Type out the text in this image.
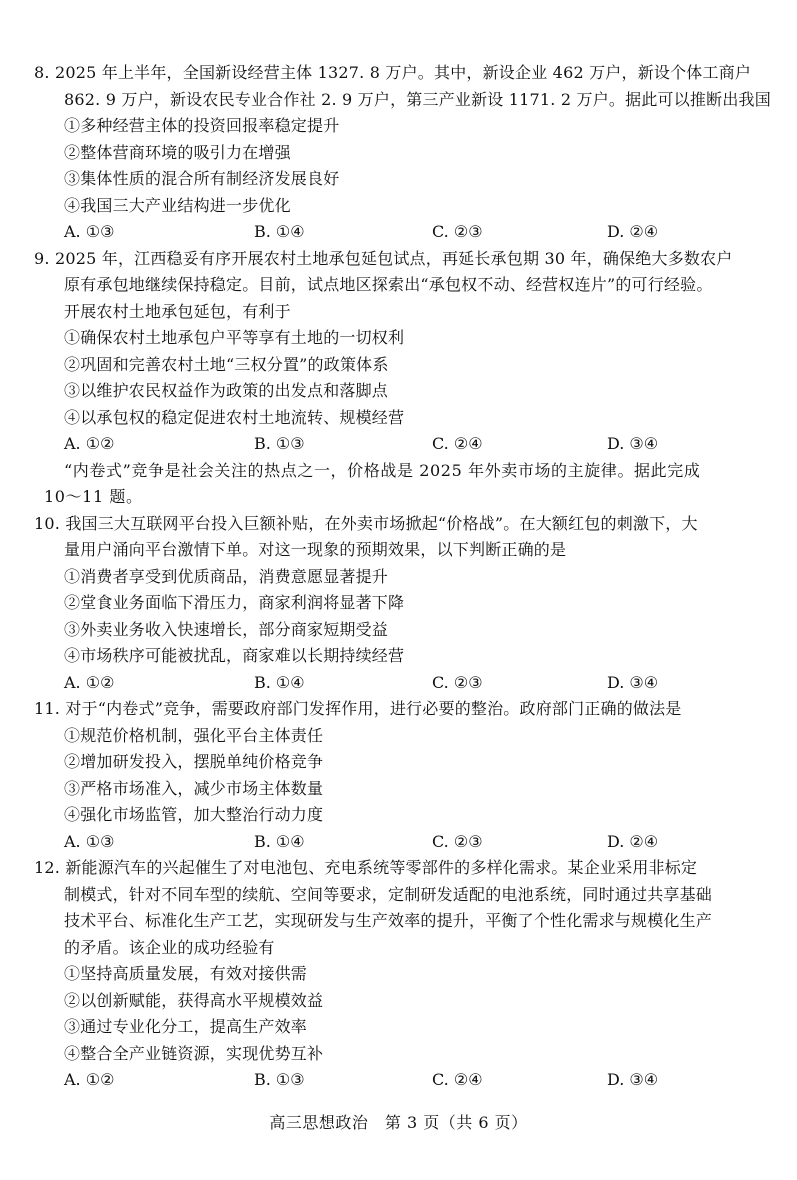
8. 2025 年上半年，全国新设经营主体 1327. 8 万户。其中，新设企业 462 万户，新设个体工商户
862. 9 万户，新设农民专业合作社 2. 9 万户，第三产业新设 1171. 2 万户。据此可以推断出我国
①多种经营主体的投资回报率稳定提升
②整体营商环境的吸引力在增强
③集体性质的混合所有制经济发展良好
④我国三大产业结构进一步优化
A. ①③	B. ①④	C. ②③	D. ②④
9. 2025 年，江西稳妥有序开展农村土地承包延包试点，再延长承包期 30 年，确保绝大多数农户
原有承包地继续保持稳定。目前，试点地区探索出“承包权不动、经营权连片”的可行经验。
开展农村土地承包延包，有利于
①确保农村土地承包户平等享有土地的一切权利
②巩固和完善农村土地“三权分置”的政策体系
③以维护农民权益作为政策的出发点和落脚点
④以承包权的稳定促进农村土地流转、规模经营
A. ①②	B. ①③	C. ②④	D. ③④
“内卷式”竞争是社会关注的热点之一，价格战是 2025 年外卖市场的主旋律。据此完成
10～11 题。
10. 我国三大互联网平台投入巨额补贴，在外卖市场掀起“价格战”。在大额红包的刺激下，大
量用户涌向平台激情下单。对这一现象的预期效果，以下判断正确的是
①消费者享受到优质商品，消费意愿显著提升
②堂食业务面临下滑压力，商家利润将显著下降
③外卖业务收入快速增长，部分商家短期受益
④市场秩序可能被扰乱，商家难以长期持续经营
A. ①②	B. ①④	C. ②③	D. ③④
11. 对于“内卷式”竞争，需要政府部门发挥作用，进行必要的整治。政府部门正确的做法是
①规范价格机制，强化平台主体责任
②增加研发投入，摆脱单纯价格竞争
③严格市场准入，减少市场主体数量
④强化市场监管，加大整治行动力度
A. ①③	B. ①④	C. ②③	D. ②④
12. 新能源汽车的兴起催生了对电池包、充电系统等零部件的多样化需求。某企业采用非标定
制模式，针对不同车型的续航、空间等要求，定制研发适配的电池系统，同时通过共享基础
技术平台、标准化生产工艺，实现研发与生产效率的提升，平衡了个性化需求与规模化生产
的矛盾。该企业的成功经验有
①坚持高质量发展，有效对接供需
②以创新赋能，获得高水平规模效益
③通过专业化分工，提高生产效率
④整合全产业链资源，实现优势互补
A. ①②	B. ①③	C. ②④	D. ③④
高三思想政治　第 3 页（共 6 页）
